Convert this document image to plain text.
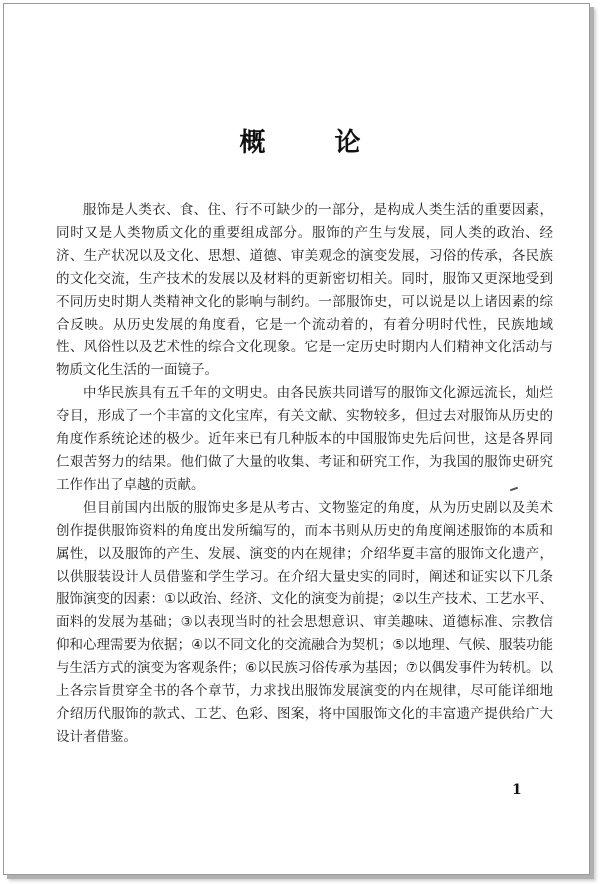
概 论

服饰是人类衣、食、住、行不可缺少的一部分，是构成人类生活的重要因素，同时又是人类物质文化的重要组成部分。服饰的产生与发展，同人类的政治、经济、生产状况以及文化、思想、道德、审美观念的演变发展，习俗的传承，各民族的文化交流，生产技术的发展以及材料的更新密切相关。同时，服饰又更深地受到不同历史时期人类精神文化的影响与制约。一部服饰史，可以说是以上诸因素的综合反映。从历史发展的角度看，它是一个流动着的，有着分明时代性，民族地域性、风俗性以及艺术性的综合文化现象。它是一定历史时期内人们精神文化活动与物质文化生活的一面镜子。

中华民族具有五千年的文明史。由各民族共同谱写的服饰文化源远流长，灿烂夺目，形成了一个丰富的文化宝库，有关文献、实物较多，但过去对服饰从历史的角度作系统论述的极少。近年来已有几种版本的中国服饰史先后问世，这是各界同仁艰苦努力的结果。他们做了大量的收集、考证和研究工作，为我国的服饰史研究工作作出了卓越的贡献。

但目前国内出版的服饰史多是从考古、文物鉴定的角度，从为历史剧以及美术创作提供服饰资料的角度出发所编写的，而本书则从历史的角度阐述服饰的本质和属性，以及服饰的产生、发展、演变的内在规律；介绍华夏丰富的服饰文化遗产，以供服装设计人员借鉴和学生学习。在介绍大量史实的同时，阐述和证实以下几条服饰演变的因素：①以政治、经济、文化的演变为前提；②以生产技术、工艺水平、面料的发展为基础；③以表现当时的社会思想意识、审美趣味、道德标准、宗教信仰和心理需要为依据；④以不同文化的交流融合为契机；⑤以地理、气候、服装功能与生活方式的演变为客观条件；⑥以民族习俗传承为基因；⑦以偶发事件为转机。以上各宗旨贯穿全书的各个章节，力求找出服饰发展演变的内在规律，尽可能详细地介绍历代服饰的款式、工艺、色彩、图案，将中国服饰文化的丰富遗产提供给广大设计者借鉴。

1
